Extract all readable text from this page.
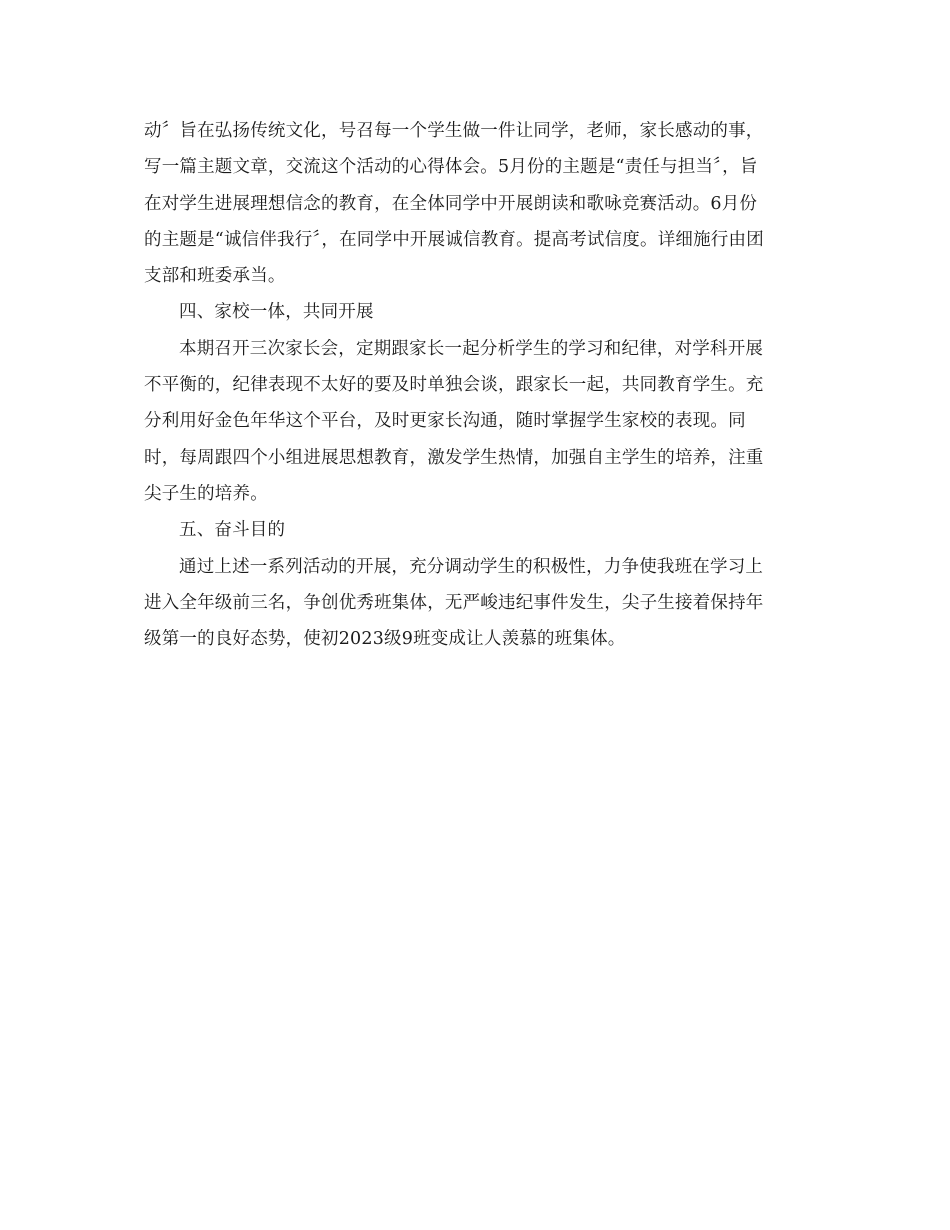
动〞旨在弘扬传统文化，号召每一个学生做一件让同学，老师，家长感动的事，
写一篇主题文章，交流这个活动的心得体会。5月份的主题是“责任与担当〞，旨
在对学生进展理想信念的教育，在全体同学中开展朗读和歌咏竞赛活动。6月份
的主题是“诚信伴我行〞，在同学中开展诚信教育。提高考试信度。详细施行由团
支部和班委承当。
四、家校一体，共同开展
本期召开三次家长会，定期跟家长一起分析学生的学习和纪律，对学科开展
不平衡的，纪律表现不太好的要及时单独会谈，跟家长一起，共同教育学生。充
分利用好金色年华这个平台，及时更家长沟通，随时掌握学生家校的表现。同
时，每周跟四个小组进展思想教育，激发学生热情，加强自主学生的培养，注重
尖子生的培养。
五、奋斗目的
通过上述一系列活动的开展，充分调动学生的积极性，力争使我班在学习上
进入全年级前三名，争创优秀班集体，无严峻违纪事件发生，尖子生接着保持年
级第一的良好态势，使初2023级9班变成让人羡慕的班集体。
